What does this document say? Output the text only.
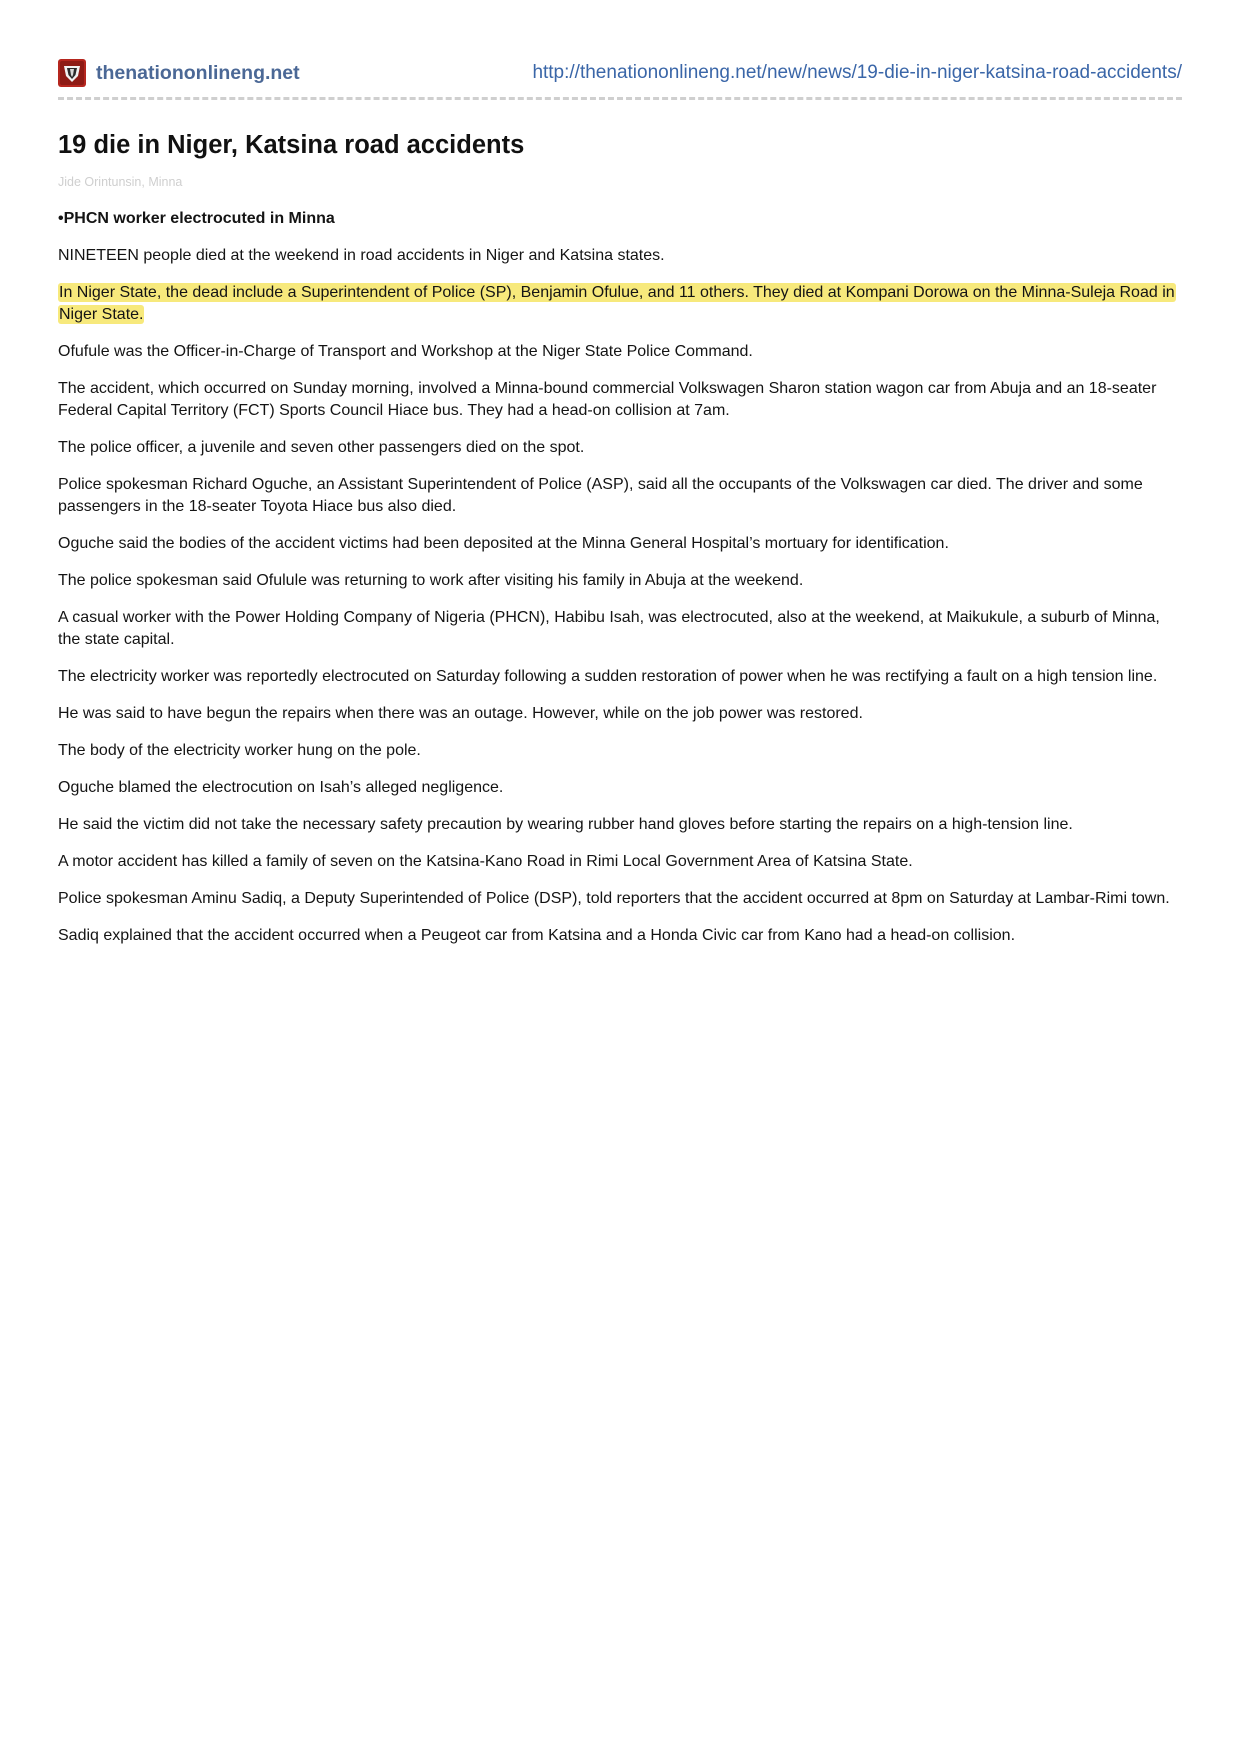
thenationonlineng.net	http://thenationonlineng.net/new/news/19-die-in-niger-katsina-road-accidents/
19 die in Niger, Katsina road accidents
Jide Orintunsin, Minna

•PHCN worker electrocuted in Minna

NINETEEN people died at the weekend in road accidents in Niger and Katsina states.

In Niger State, the dead include a Superintendent of Police (SP), Benjamin Ofulue, and 11 others. They died at Kompani Dorowa on the Minna-Suleja Road in Niger State.

Ofufule was the Officer-in-Charge of Transport and Workshop at the Niger State Police Command.

The accident, which occurred on Sunday morning, involved a Minna-bound commercial Volkswagen Sharon station wagon car from Abuja and an 18-seater Federal Capital Territory (FCT) Sports Council Hiace bus. They had a head-on collision at 7am.

The police officer, a juvenile and seven other passengers died on the spot.

Police spokesman Richard Oguche, an Assistant Superintendent of Police (ASP), said all the occupants of the Volkswagen car died. The driver and some passengers in the 18-seater Toyota Hiace bus also died.

Oguche said the bodies of the accident victims had been deposited at the Minna General Hospital’s mortuary for identification.

The police spokesman said Ofulule was returning to work after visiting his family in Abuja at the weekend.

A casual worker with the Power Holding Company of Nigeria (PHCN), Habibu Isah, was electrocuted, also at the weekend, at Maikukule, a suburb of Minna, the state capital.

The electricity worker was reportedly electrocuted on Saturday following a sudden restoration of power when he was rectifying a fault on a high tension line.

He was said to have begun the repairs when there was an outage. However, while on the job power was restored.

The body of the electricity worker hung on the pole.

Oguche blamed the electrocution on Isah’s alleged negligence.

He said the victim did not take the necessary safety precaution by wearing rubber hand gloves before starting the repairs on a high-tension line.

A motor accident has killed a family of seven on the Katsina-Kano Road in Rimi Local Government Area of Katsina State.

Police spokesman Aminu Sadiq, a Deputy Superintended of Police (DSP), told reporters that the accident occurred at 8pm on Saturday at Lambar-Rimi town.

Sadiq explained that the accident occurred when a Peugeot car from Katsina and a Honda Civic car from Kano had a head-on collision.
